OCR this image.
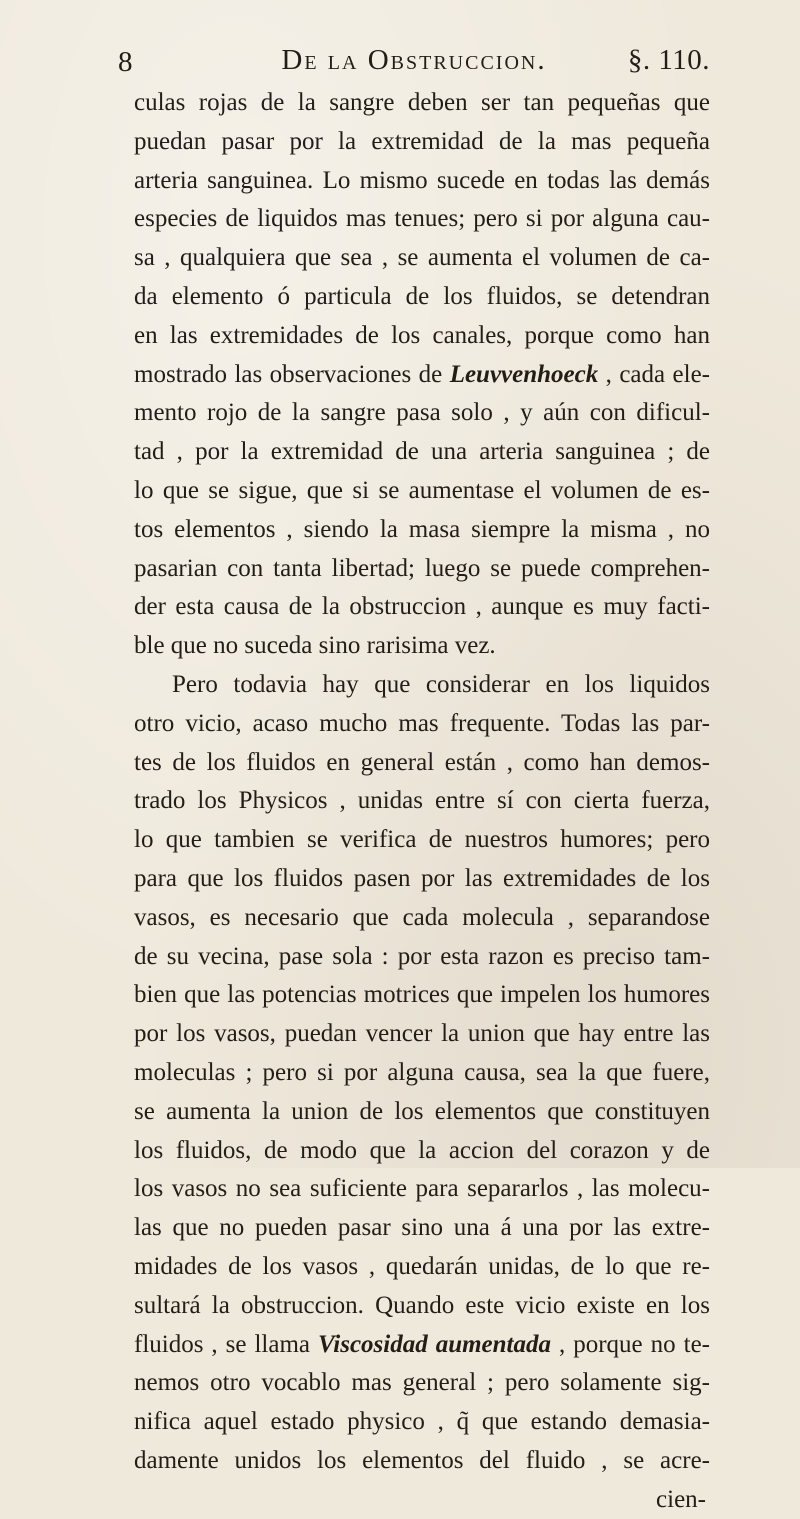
8	De la Obstruccion.	§. 110.
culas rojas de la sangre deben ser tan pequeñas que
puedan pasar por la extremidad de la mas pequeña
arteria sanguinea. Lo mismo sucede en todas las demás
especies de liquidos mas tenues; pero si por alguna cau-
sa , qualquiera que sea , se aumenta el volumen de ca-
da elemento ó particula de los fluidos, se detendran
en las extremidades de los canales, porque como han
mostrado las observaciones de Leuvvenhoeck , cada ele-
mento rojo de la sangre pasa solo , y aún con dificul-
tad , por la extremidad de una arteria sanguinea ; de
lo que se sigue, que si se aumentase el volumen de es-
tos elementos , siendo la masa siempre la misma , no
pasarian con tanta libertad; luego se puede comprehen-
der esta causa de la obstruccion , aunque es muy facti-
ble que no suceda sino rarisima vez.
Pero todavia hay que considerar en los liquidos
otro vicio, acaso mucho mas frequente. Todas las par-
tes de los fluidos en general están , como han demos-
trado los Physicos , unidas entre sí con cierta fuerza,
lo que tambien se verifica de nuestros humores; pero
para que los fluidos pasen por las extremidades de los
vasos, es necesario que cada molecula , separandose
de su vecina, pase sola : por esta razon es preciso tam-
bien que las potencias motrices que impelen los humores
por los vasos, puedan vencer la union que hay entre las
moleculas ; pero si por alguna causa, sea la que fuere,
se aumenta la union de los elementos que constituyen
los fluidos, de modo que la accion del corazon y de
los vasos no sea suficiente para separarlos , las molecu-
las que no pueden pasar sino una á una por las extre-
midades de los vasos , quedarán unidas, de lo que re-
sultará la obstruccion. Quando este vicio existe en los
fluidos , se llama Viscosidad aumentada , porque no te-
nemos otro vocablo mas general ; pero solamente sig-
nifica aquel estado physico , q̃ que estando demasia-
damente unidos los elementos del fluido , se acre-
cien-
